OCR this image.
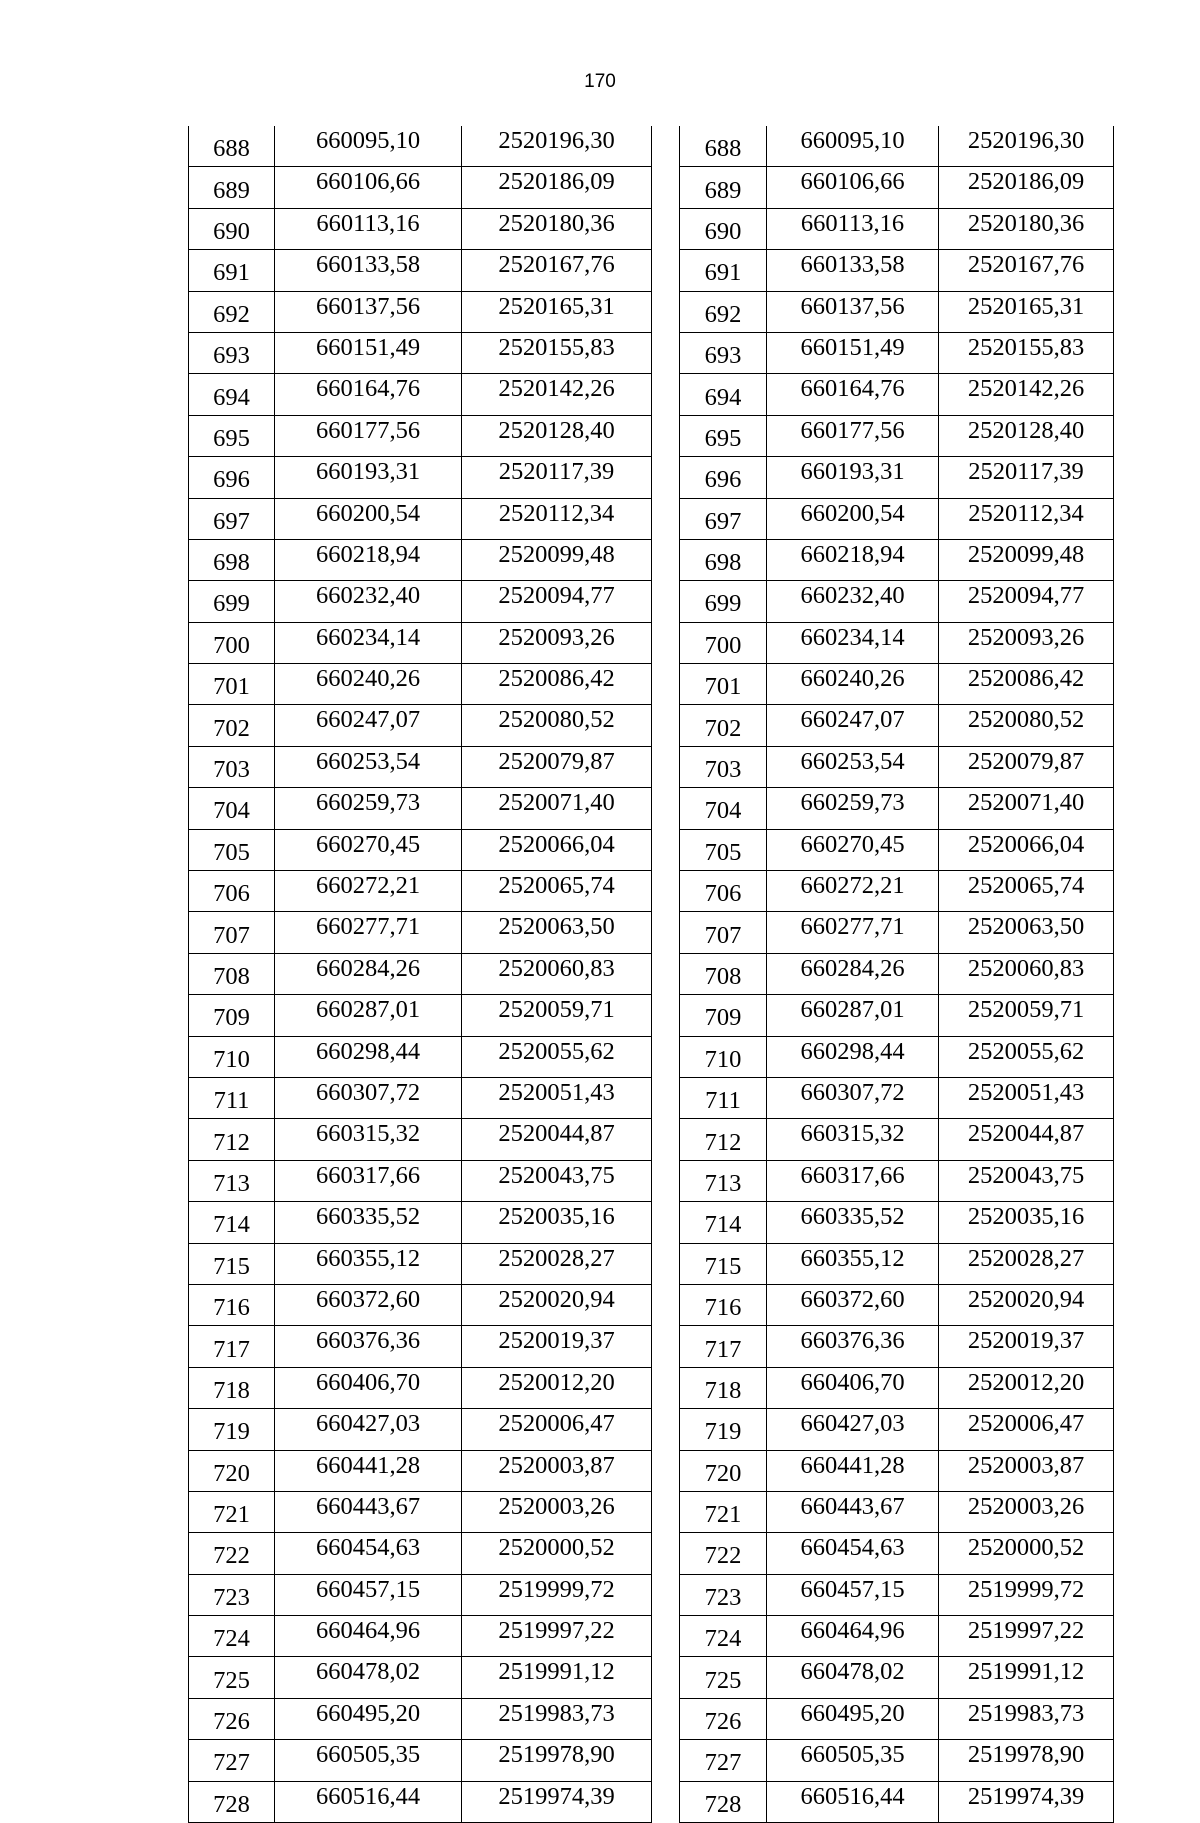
170
688	660095,10	2520196,30
689	660106,66	2520186,09
690	660113,16	2520180,36
691	660133,58	2520167,76
692	660137,56	2520165,31
693	660151,49	2520155,83
694	660164,76	2520142,26
695	660177,56	2520128,40
696	660193,31	2520117,39
697	660200,54	2520112,34
698	660218,94	2520099,48
699	660232,40	2520094,77
700	660234,14	2520093,26
701	660240,26	2520086,42
702	660247,07	2520080,52
703	660253,54	2520079,87
704	660259,73	2520071,40
705	660270,45	2520066,04
706	660272,21	2520065,74
707	660277,71	2520063,50
708	660284,26	2520060,83
709	660287,01	2520059,71
710	660298,44	2520055,62
711	660307,72	2520051,43
712	660315,32	2520044,87
713	660317,66	2520043,75
714	660335,52	2520035,16
715	660355,12	2520028,27
716	660372,60	2520020,94
717	660376,36	2520019,37
718	660406,70	2520012,20
719	660427,03	2520006,47
720	660441,28	2520003,87
721	660443,67	2520003,26
722	660454,63	2520000,52
723	660457,15	2519999,72
724	660464,96	2519997,22
725	660478,02	2519991,12
726	660495,20	2519983,73
727	660505,35	2519978,90
728	660516,44	2519974,39
688	660095,10	2520196,30
689	660106,66	2520186,09
690	660113,16	2520180,36
691	660133,58	2520167,76
692	660137,56	2520165,31
693	660151,49	2520155,83
694	660164,76	2520142,26
695	660177,56	2520128,40
696	660193,31	2520117,39
697	660200,54	2520112,34
698	660218,94	2520099,48
699	660232,40	2520094,77
700	660234,14	2520093,26
701	660240,26	2520086,42
702	660247,07	2520080,52
703	660253,54	2520079,87
704	660259,73	2520071,40
705	660270,45	2520066,04
706	660272,21	2520065,74
707	660277,71	2520063,50
708	660284,26	2520060,83
709	660287,01	2520059,71
710	660298,44	2520055,62
711	660307,72	2520051,43
712	660315,32	2520044,87
713	660317,66	2520043,75
714	660335,52	2520035,16
715	660355,12	2520028,27
716	660372,60	2520020,94
717	660376,36	2520019,37
718	660406,70	2520012,20
719	660427,03	2520006,47
720	660441,28	2520003,87
721	660443,67	2520003,26
722	660454,63	2520000,52
723	660457,15	2519999,72
724	660464,96	2519997,22
725	660478,02	2519991,12
726	660495,20	2519983,73
727	660505,35	2519978,90
728	660516,44	2519974,39
